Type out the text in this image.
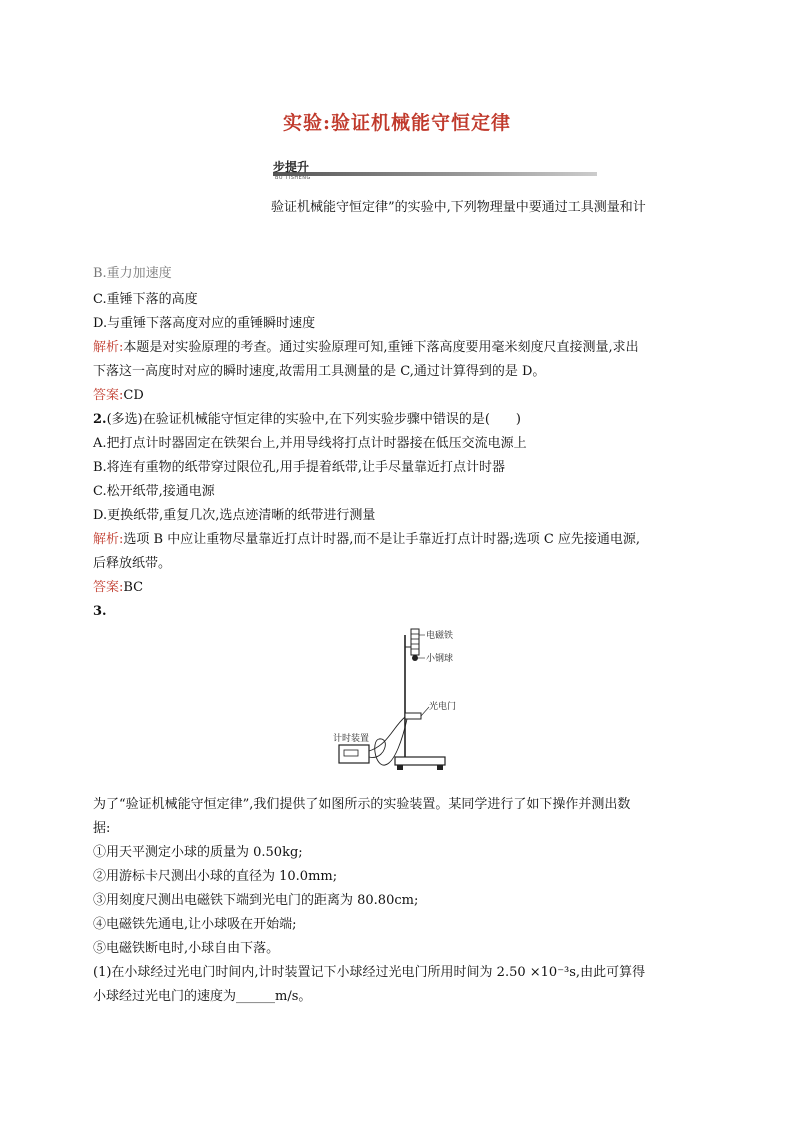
实验:验证机械能守恒定律
步提升
BU TISHENG
验证机械能守恒定律”的实验中,下列物理量中要通过工具测量和计
B.重力加速度
C.重锤下落的高度
D.与重锤下落高度对应的重锤瞬时速度
解析:本题是对实验原理的考查。通过实验原理可知,重锤下落高度要用毫米刻度尺直接测量,求出
下落这一高度时对应的瞬时速度,故需用工具测量的是 C,通过计算得到的是 D。
答案:CD
2.(多选)在验证机械能守恒定律的实验中,在下列实验步骤中错误的是(　　)
A.把打点计时器固定在铁架台上,并用导线将打点计时器接在低压交流电源上
B.将连有重物的纸带穿过限位孔,用手提着纸带,让手尽量靠近打点计时器
C.松开纸带,接通电源
D.更换纸带,重复几次,选点迹清晰的纸带进行测量
解析:选项 B 中应让重物尽量靠近打点计时器,而不是让手靠近打点计时器;选项 C 应先接通电源,
后释放纸带。
答案:BC
3.
电磁铁
小钢球
光电门
计时装置
为了“验证机械能守恒定律”,我们提供了如图所示的实验装置。某同学进行了如下操作并测出数
据:
①用天平测定小球的质量为 0.50kg;
②用游标卡尺测出小球的直径为 10.0mm;
③用刻度尺测出电磁铁下端到光电门的距离为 80.80cm;
④电磁铁先通电,让小球吸在开始端;
⑤电磁铁断电时,小球自由下落。
(1)在小球经过光电门时间内,计时装置记下小球经过光电门所用时间为 2.50 ×10⁻³s,由此可算得
小球经过光电门的速度为______m/s。
